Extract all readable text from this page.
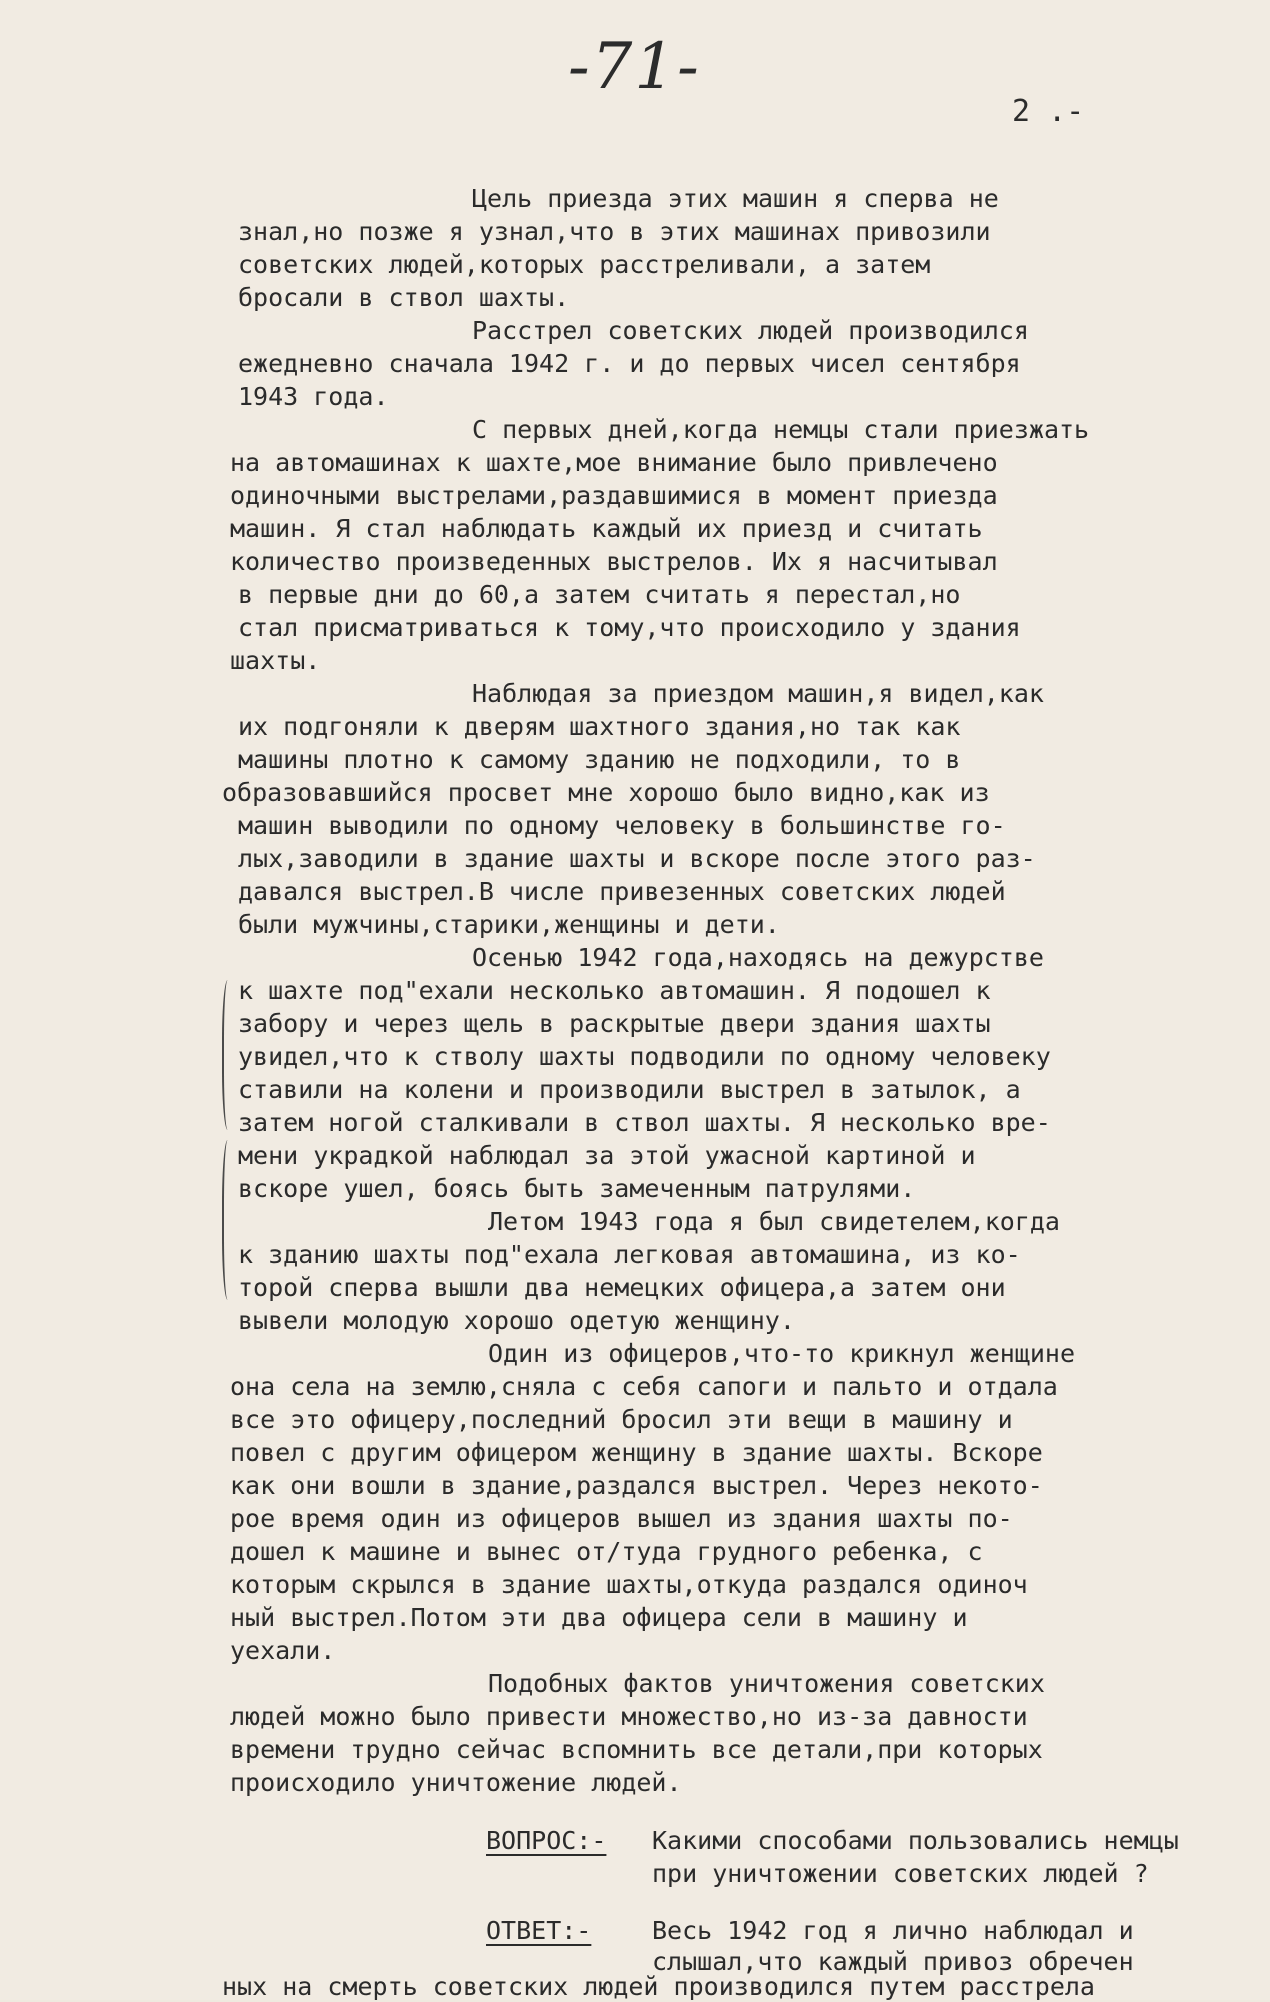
-71-
2 .-
Цель приезда этих машин я сперва не
знал,но позже я узнал,что в этих машинах привозили
советских людей,которых расстреливали, а затем
бросали в ствол шахты.
Расстрел советских людей производился
ежедневно сначала 1942 г. и до первых чисел сентября
1943 года.
С первых дней,когда немцы стали приезжать
на автомашинах к шахте,мое внимание было привлечено
одиночными выстрелами,раздавшимися в момент приезда
машин. Я стал наблюдать каждый их приезд и считать
количество произведенных выстрелов. Их я насчитывал
в первые дни до 60,а затем считать я перестал,но
стал присматриваться к тому,что происходило у здания
шахты.
Наблюдая за приездом машин,я видел,как
их подгоняли к дверям шахтного здания,но так как
машины плотно к самому зданию не подходили, то в
образовавшийся просвет мне хорошо было видно,как из
машин выводили по одному человеку в большинстве го-
лых,заводили в здание шахты и вскоре после этого раз-
давался выстрел.В числе привезенных советских людей
были мужчины,старики,женщины и дети.
Осенью 1942 года,находясь на дежурстве
к шахте под"ехали несколько автомашин. Я подошел к
забору и через щель в раскрытые двери здания шахты
увидел,что к стволу шахты подводили по одному человеку
ставили на колени и производили выстрел в затылок, а
затем ногой сталкивали в ствол шахты. Я несколько вре-
мени украдкой наблюдал за этой ужасной картиной и
вскоре ушел, боясь быть замеченным патрулями.
Летом 1943 года я был свидетелем,когда
к зданию шахты под"ехала легковая автомашина, из ко-
торой сперва вышли два немецких офицера,а затем они
вывели молодую хорошо одетую женщину.
Один из офицеров,что-то крикнул женщине
она села на землю,сняла с себя сапоги и пальто и отдала
все это офицеру,последний бросил эти вещи в машину и
повел с другим офицером женщину в здание шахты. Вскоре
как они вошли в здание,раздался выстрел. Через некото-
рое время один из офицеров вышел из здания шахты по-
дошел к машине и вынес от/туда грудного ребенка, с
которым скрылся в здание шахты,откуда раздался одиноч
ный выстрел.Потом эти два офицера сели в машину и
уехали.
Подобных фактов уничтожения советских
людей можно было привести множество,но из-за давности
времени трудно сейчас вспомнить все детали,при которых
происходило уничтожение людей.
ВОПРОС:- Какими способами пользовались немцы
при уничтожении советских людей ?
ОТВЕТ:- Весь 1942 год я лично наблюдал и
слышал,что каждый привоз обречен
ных на смерть советских людей производился путем расстрела
